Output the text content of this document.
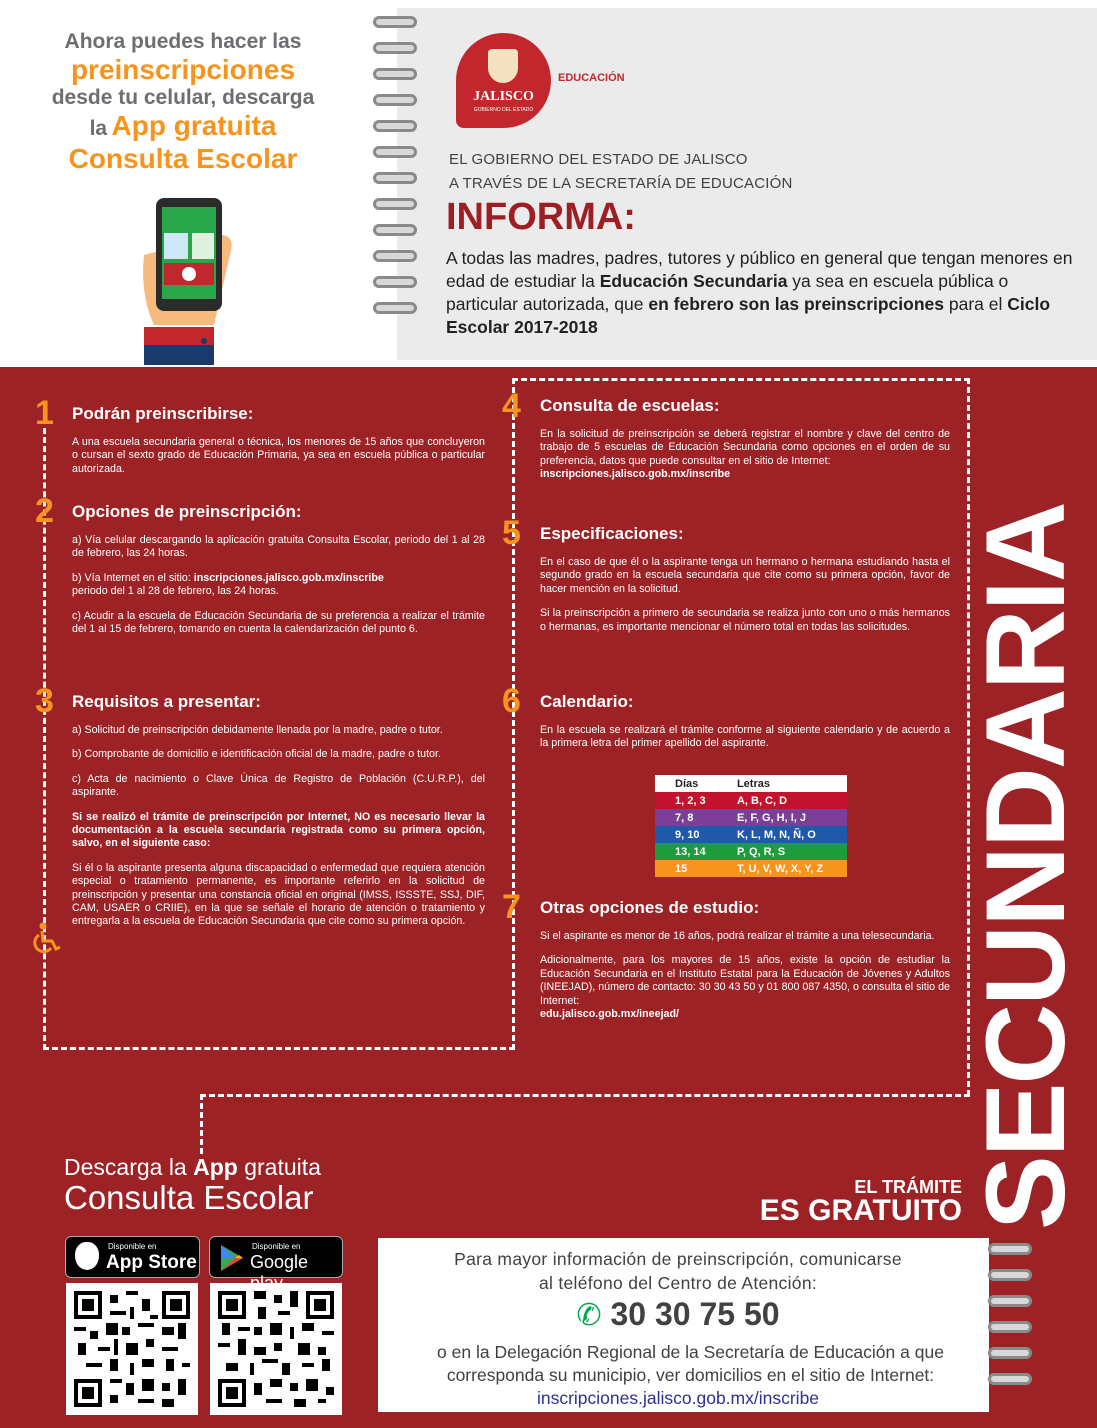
Ahora puedes hacer las
preinscripciones
desde tu celular, descarga
la App gratuita
Consulta Escolar
JALISCO
GOBIERNO DEL ESTADO
EDUCACIÓN
EL GOBIERNO DEL ESTADO DE JALISCO
A TRAVÉS DE LA SECRETARÍA DE EDUCACIÓN
INFORMA:
A todas las madres, padres, tutores y público en general que tengan menores en edad de estudiar la Educación Secundaria ya sea en escuela pública o particular autorizada, que en febrero son las preinscripciones para el Ciclo Escolar 2017-2018
1 Podrán preinscribirse:
A una escuela secundaria general o técnica, los menores de 15 años que concluyeron o cursan el sexto grado de Educación Primaria, ya sea en escuela pública o particular autorizada.
2 Opciones de preinscripción:
a) Vía celular descargando la aplicación gratuita Consulta Escolar, periodo del 1 al 28 de febrero, las 24 horas.
b) Vía Internet en el sitio: inscripciones.jalisco.gob.mx/inscribe
periodo del 1 al 28 de febrero, las 24 horas.
c) Acudir a la escuela de Educación Secundaria de su preferencia a realizar el trámite del 1 al 15 de febrero, tomando en cuenta la calendarización del punto 6.
3 Requisitos a presentar:
a) Solicitud de preinscripción debidamente llenada por la madre, padre o tutor.
b) Comprobante de domicilio e identificación oficial de la madre, padre o tutor.
c) Acta de nacimiento o Clave Única de Registro de Población (C.U.R.P.), del aspirante.
Si se realizó el trámite de preinscripción por Internet, NO es necesario llevar la documentación a la escuela secundaria registrada como su primera opción, salvo, en el siguiente caso:
Si él o la aspirante presenta alguna discapacidad o enfermedad que requiera atención especial o tratamiento permanente, es importante referirlo en la solicitud de preinscripción y presentar una constancia oficial en original (IMSS, ISSSTE, SSJ, DIF, CAM, USAER o CRIIE), en la que se señale el horario de atención o tratamiento y entregarla a la escuela de Educación Secundaria que cite como su primera opción.
4 Consulta de escuelas:
En la solicitud de preinscripción se deberá registrar el nombre y clave del centro de trabajo de 5 escuelas de Educación Secundaria como opciones en el orden de su preferencia, datos que puede consultar en el sitio de Internet:
inscripciones.jalisco.gob.mx/inscribe
5 Especificaciones:
En el caso de que él o la aspirante tenga un hermano o hermana estudiando hasta el segundo grado en la escuela secundaria que cite como su primera opción, favor de hacer mención en la solicitud.
Si la preinscripción a primero de secundaria se realiza junto con uno o más hermanos o hermanas, es importante mencionar el número total en todas las solicitudes.
6 Calendario:
En la escuela se realizará el trámite conforme al siguiente calendario y de acuerdo a la primera letra del primer apellido del aspirante.
Días	Letras
1, 2, 3	A, B, C, D
7, 8	E, F, G, H, I, J
9, 10	K, L, M, N, Ñ, O
13, 14	P, Q, R, S
15	T, U, V, W, X, Y, Z
7 Otras opciones de estudio:
Si el aspirante es menor de 16 años, podrá realizar el trámite a una telesecundaria.
Adicionalmente, para los mayores de 15 años, existe la opción de estudiar la Educación Secundaria en el Instituto Estatal para la Educación de Jóvenes y Adultos (INEEJAD), número de contacto: 30 30 43 50 y 01 800 087 4350, o consulta el sitio de Internet:
edu.jalisco.gob.mx/ineejad/	SECUNDARIA
EL TRÁMITE
ES GRATUITO
Descarga la App gratuita
Consulta Escolar
Disponible en
App Store
Disponible en
Google	Para mayor información de preinscripción, comunicarse
al teléfono del Centro de Atención:
✆ 30 30 75 50
o en la Delegación Regional de la Secretaría de Educación a que
corresponda su municipio, ver domicilios en el sitio de Internet:
inscripciones.jalisco.gob.mx/inscribe
